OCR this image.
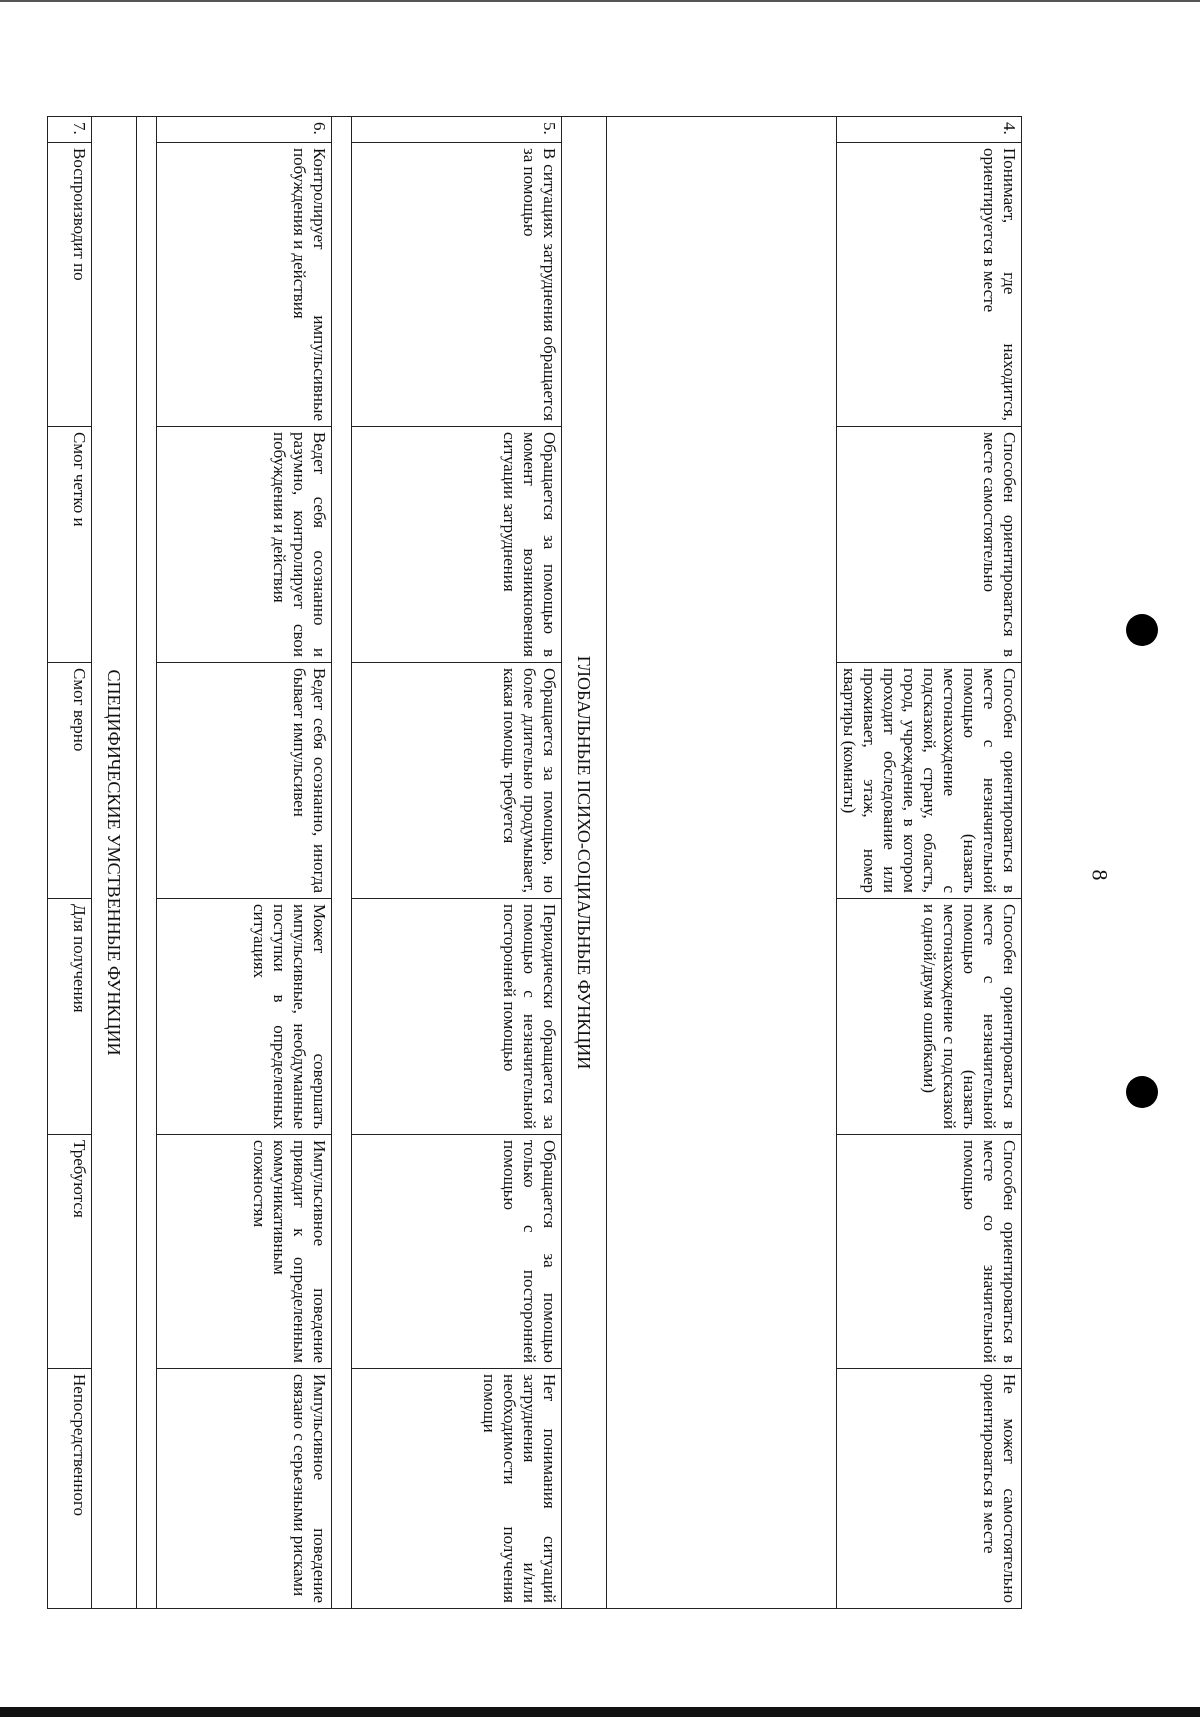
8
4.	Понимает, где находится, ориентируется в месте	Способен ориентироваться в месте самостоятельно	Способен ориентироваться в месте с незначительной помощью (назвать местонахождение с подсказкой, страну, область, город, учреждение, в котором проходит обследование или проживает, этаж, номер квартиры (комнаты)	Способен ориентироваться в месте с незначительной помощью (назвать местонахождение с подсказкой и одной/двумя ошибками)	Способен ориентироваться в месте со значительной помощью	Не может самостоятельно ориентироваться в месте

ГЛОБАЛЬНЫЕ ПСИХО-СОЦИАЛЬНЫЕ ФУНКЦИИ						
5.	В ситуациях затруднения обращается за помощью	Обращается за помощью в момент возникновения ситуации затруднения	Обращается за помощью, но более длительно продумывает, какая помощь требуется	Периодически обращается за помощью с незначительной посторонней помощью	Обращается за помощью только с посторонней помощью	Нет понимания ситуаций затруднения и/или необходимости получения помощи

6.	Контролирует импульсивные побуждения и действия	Ведет себя осознанно и разумно, контролирует свои побуждения и действия	Ведет себя осознанно, иногда бывает импульсивен	Может совершать импульсивные, необдуманные поступки в определенных ситуациях	Импульсивное поведение приводит к определенным коммуникативным сложностям	Импульсивное поведение связано с серьезными рисками

СПЕЦИФИЧЕСКИЕ УМСТВЕННЫЕ ФУНКЦИИ						
7.	Воспроизводит по	Смог четко и	Смог верно	Для получения	Требуются	Непосредственного
